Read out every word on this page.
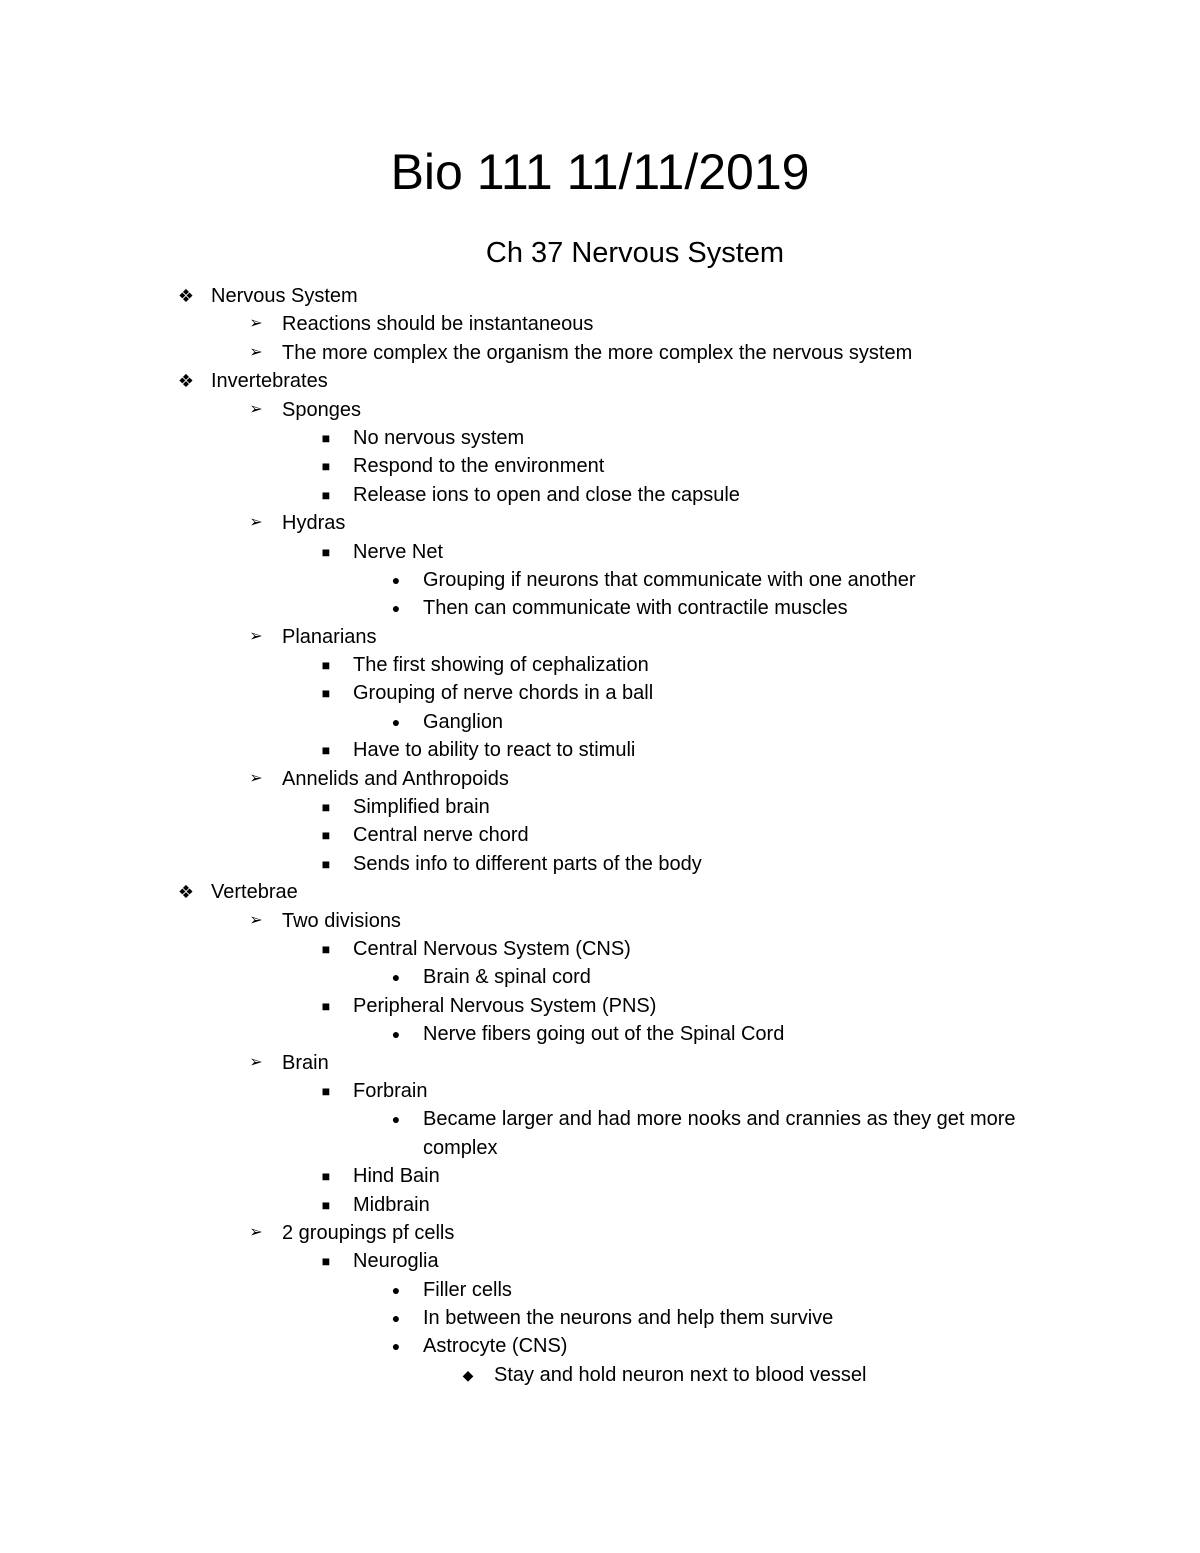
Bio 111 11/11/2019
Ch 37 Nervous System
❖ Nervous System
➢ Reactions should be instantaneous
➢ The more complex the organism the more complex the nervous system
❖ Invertebrates
➢ Sponges
■	No nervous system
■	Respond to the environment
■	Release ions to open and close the capsule
➢ Hydras
■	Nerve Net
●	Grouping if neurons that communicate with one another
●	Then can communicate with contractile muscles
➢ Planarians
■	The first showing of cephalization
■	Grouping of nerve chords in a ball
●	Ganglion
■	Have to ability to react to stimuli
➢ Annelids and Anthropoids
■	Simplified brain
■	Central nerve chord
■	Sends info to different parts of the body
❖ Vertebrae
➢ Two divisions
■	Central Nervous System (CNS)
●	Brain & spinal cord
■	Peripheral Nervous System (PNS)
●	Nerve fibers going out of the Spinal Cord
➢ Brain
■	Forbrain
●	Became larger and had more nooks and crannies as they get more complex
■	Hind Bain
■	Midbrain
➢ 2 groupings pf cells
■	Neuroglia
●	Filler cells
●	In between the neurons and help them survive
●	Astrocyte (CNS)
◆	Stay and hold neuron next to blood vessel
